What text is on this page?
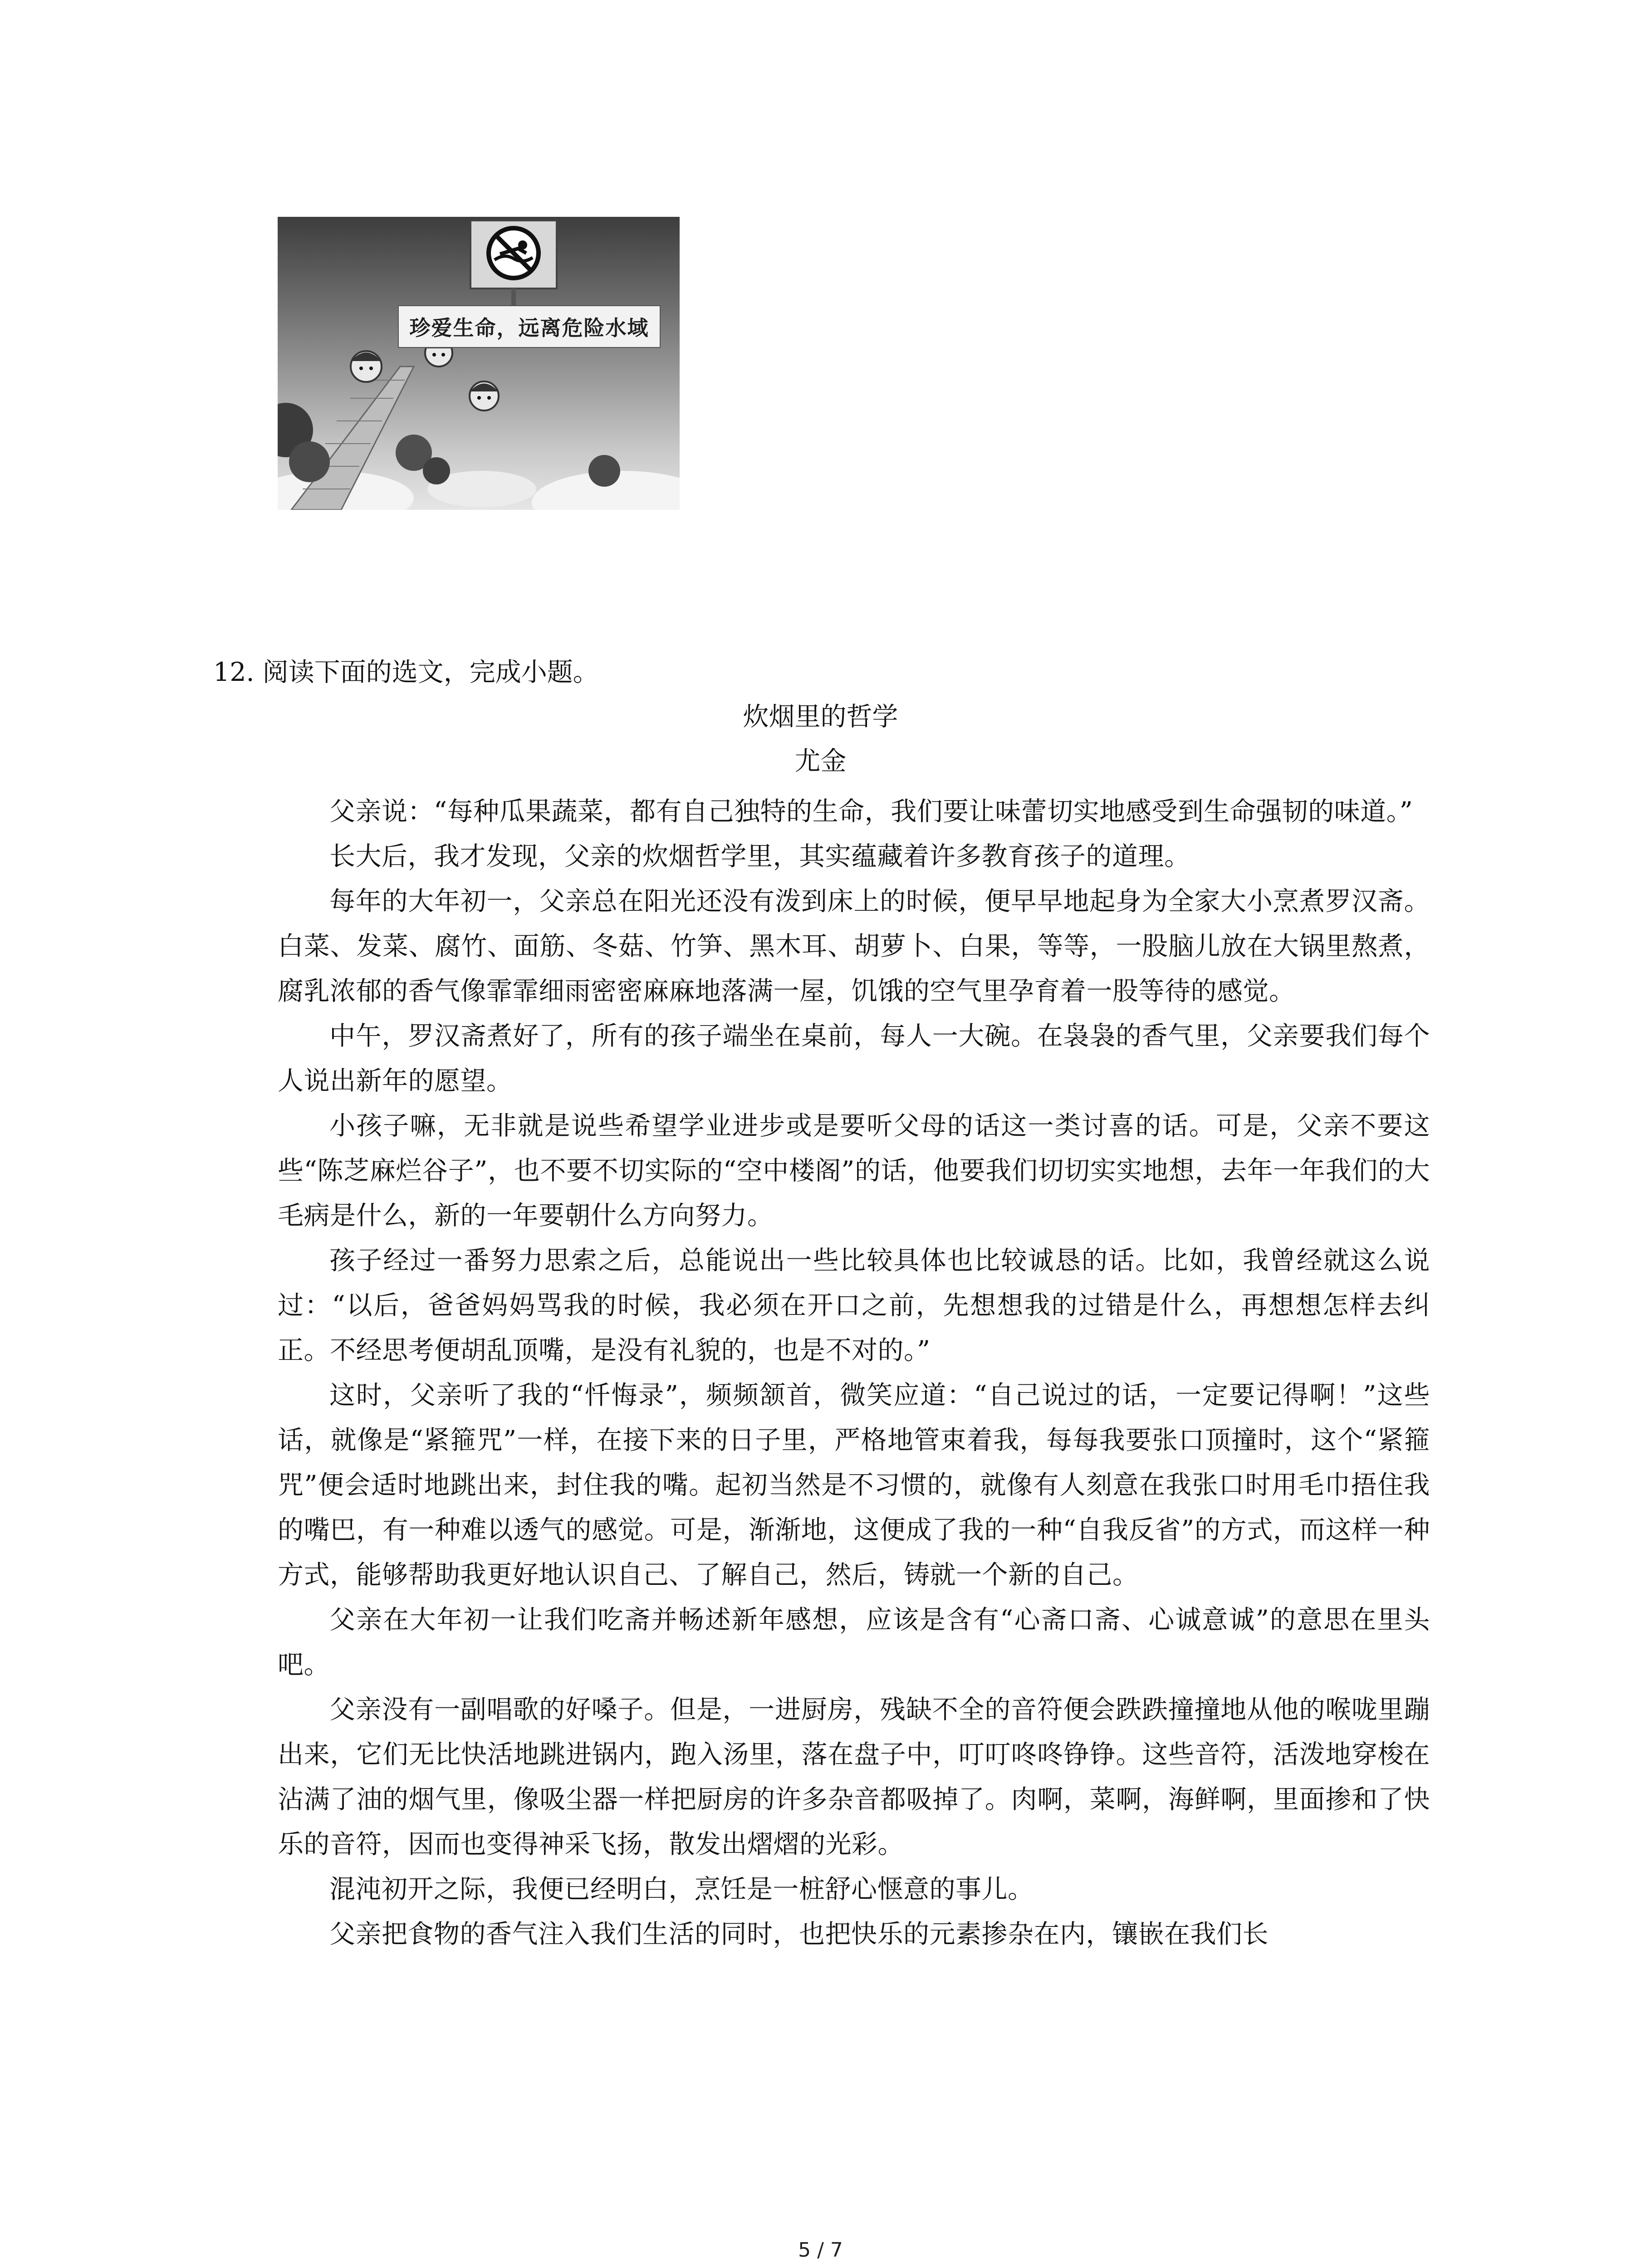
珍爱生命，远离危险水域
12. 阅读下面的选文，完成小题。
炊烟里的哲学
尤金

父亲说：“每种瓜果蔬菜，都有自己独特的生命，我们要让味蕾切实地感受到生命强韧的味道。”

长大后，我才发现，父亲的炊烟哲学里，其实蕴藏着许多教育孩子的道理。

每年的大年初一，父亲总在阳光还没有泼到床上的时候，便早早地起身为全家大小烹煮罗汉斋。白菜、发菜、腐竹、面筋、冬菇、竹笋、黑木耳、胡萝卜、白果，等等，一股脑儿放在大锅里熬煮，腐乳浓郁的香气像霏霏细雨密密麻麻地落满一屋，饥饿的空气里孕育着一股等待的感觉。

中午，罗汉斋煮好了，所有的孩子端坐在桌前，每人一大碗。在袅袅的香气里，父亲要我们每个人说出新年的愿望。

小孩子嘛，无非就是说些希望学业进步或是要听父母的话这一类讨喜的话。可是，父亲不要这些“陈芝麻烂谷子”，也不要不切实际的“空中楼阁”的话，他要我们切切实实地想，去年一年我们的大毛病是什么，新的一年要朝什么方向努力。

孩子经过一番努力思索之后，总能说出一些比较具体也比较诚恳的话。比如，我曾经就这么说过：“以后，爸爸妈妈骂我的时候，我必须在开口之前，先想想我的过错是什么，再想想怎样去纠正。不经思考便胡乱顶嘴，是没有礼貌的，也是不对的。”

这时，父亲听了我的“忏悔录”，频频颔首，微笑应道：“自己说过的话，一定要记得啊！”这些话，就像是“紧箍咒”一样，在接下来的日子里，严格地管束着我，每每我要张口顶撞时，这个“紧箍咒”便会适时地跳出来，封住我的嘴。起初当然是不习惯的，就像有人刻意在我张口时用毛巾捂住我的嘴巴，有一种难以透气的感觉。可是，渐渐地，这便成了我的一种“自我反省”的方式，而这样一种方式，能够帮助我更好地认识自己、了解自己，然后，铸就一个新的自己。

父亲在大年初一让我们吃斋并畅述新年感想，应该是含有“心斋口斋、心诚意诚”的意思在里头吧。

父亲没有一副唱歌的好嗓子。但是，一进厨房，残缺不全的音符便会跌跌撞撞地从他的喉咙里蹦出来，它们无比快活地跳进锅内，跑入汤里，落在盘子中，叮叮咚咚铮铮。这些音符，活泼地穿梭在沾满了油的烟气里，像吸尘器一样把厨房的许多杂音都吸掉了。肉啊，菜啊，海鲜啊，里面掺和了快乐的音符，因而也变得神采飞扬，散发出熠熠的光彩。

混沌初开之际，我便已经明白，烹饪是一桩舒心惬意的事儿。

父亲把食物的香气注入我们生活的同时，也把快乐的元素掺杂在内，镶嵌在我们长

5 / 7
